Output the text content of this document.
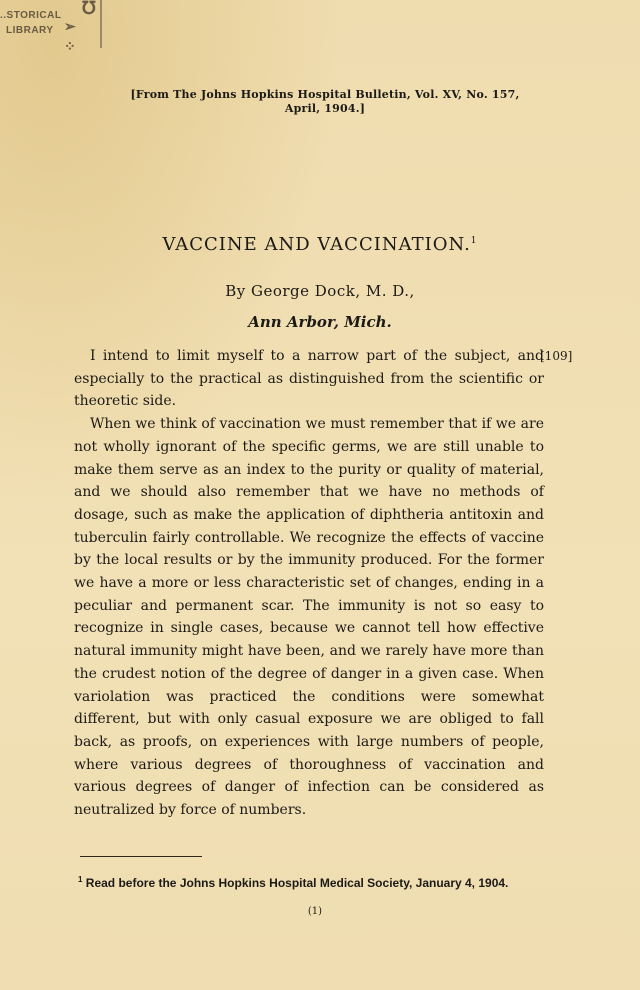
..STORICAL
LIBRARY
℧
➢
⁘
[From The Johns Hopkins Hospital Bulletin, Vol. XV, No. 157,
April, 1904.]
VACCINE AND VACCINATION.$^1$
By George Dock, M. D.,
Ann Arbor, Mich.
[109]

I intend to limit myself to a narrow part of the subject, and especially to the practical as distinguished from the scientific or theoretic side.

When we think of vaccination we must remember that if we are not wholly ignorant of the specific germs, we are still unable to make them serve as an index to the purity or quality of material, and we should also remember that we have no methods of dosage, such as make the application of diphtheria antitoxin and tuberculin fairly controllable. We recognize the effects of vaccine by the local results or by the immunity produced. For the former we have a more or less characteristic set of changes, ending in a peculiar and permanent scar. The immunity is not so easy to recognize in single cases, because we cannot tell how effective natural immunity might have been, and we rarely have more than the crudest notion of the degree of danger in a given case. When variolation was practiced the conditions were somewhat different, but with only casual exposure we are obliged to fall back, as proofs, on experiences with large numbers of people, where various degrees of thoroughness of vaccination and various degrees of danger of infection can be considered as neutralized by force of numbers.

$^1$ Read before the Johns Hopkins Hospital Medical Society, January 4, 1904.
(1)
